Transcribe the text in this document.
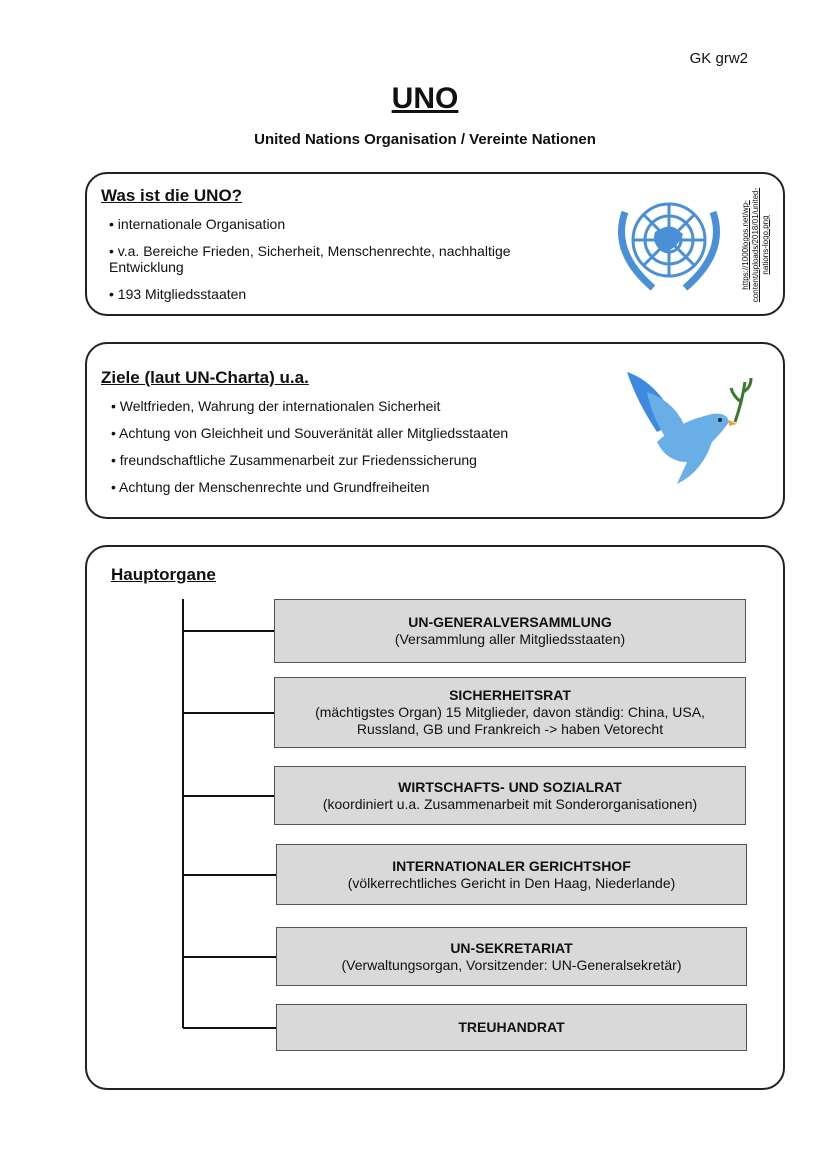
GK grw2
UNO
United Nations Organisation / Vereinte Nationen
Was ist die UNO?
• internationale Organisation
• v.a. Bereiche Frieden, Sicherheit, Menschenrechte, nachhaltige Entwicklung
• 193 Mitgliedsstaaten
https://1000logos.net/wp-content/uploads/2018/01/united-nations-logo.png
Ziele (laut UN-Charta) u.a.
• Weltfrieden, Wahrung der internationalen Sicherheit
• Achtung von Gleichheit und Souveränität aller Mitgliedsstaaten
• freundschaftliche Zusammenarbeit zur Friedenssicherung
• Achtung der Menschenrechte und Grundfreiheiten
Hauptorgane
UN-GENERALVERSAMMLUNG
(Versammlung aller Mitgliedsstaaten)
SICHERHEITSRAT
(mächtigstes Organ) 15 Mitglieder, davon ständig: China, USA, Russland, GB und Frankreich -> haben Vetorecht
WIRTSCHAFTS- UND SOZIALRAT
(koordiniert u.a. Zusammenarbeit mit Sonderorganisationen)
INTERNATIONALER GERICHTSHOF
(völkerrechtliches Gericht in Den Haag, Niederlande)
UN-SEKRETARIAT
(Verwaltungsorgan, Vorsitzender: UN-Generalsekretär)
TREUHANDRAT
